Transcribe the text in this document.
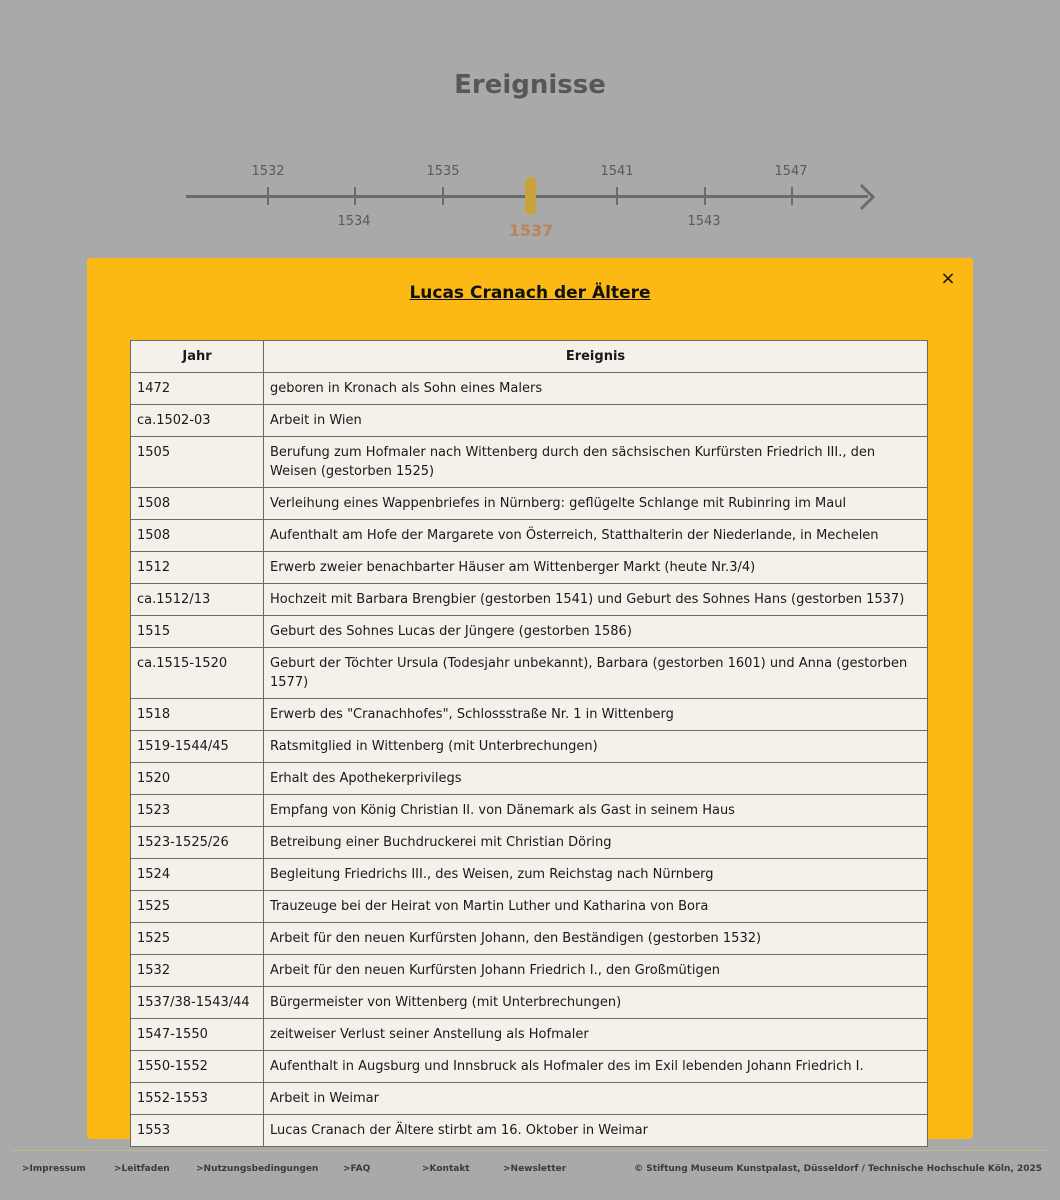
Ereignisse
1532	1535	1541	1547
1534	1543
1537
×
Lucas Cranach der Ältere
Jahr	Ereignis
1472	geboren in Kronach als Sohn eines Malers
ca.1502-03	Arbeit in Wien
1505	Berufung zum Hofmaler nach Wittenberg durch den sächsischen Kurfürsten Friedrich III., den Weisen (gestorben 1525)
1508	Verleihung eines Wappenbriefes in Nürnberg: geflügelte Schlange mit Rubinring im Maul
1508	Aufenthalt am Hofe der Margarete von Österreich, Statthalterin der Niederlande, in Mechelen
1512	Erwerb zweier benachbarter Häuser am Wittenberger Markt (heute Nr.3/4)
ca.1512/13	Hochzeit mit Barbara Brengbier (gestorben 1541) und Geburt des Sohnes Hans (gestorben 1537)
1515	Geburt des Sohnes Lucas der Jüngere (gestorben 1586)
ca.1515-1520	Geburt der Töchter Ursula (Todesjahr unbekannt), Barbara (gestorben 1601) und Anna (gestorben 1577)
1518	Erwerb des "Cranachhofes", Schlossstraße Nr. 1 in Wittenberg
1519-1544/45	Ratsmitglied in Wittenberg (mit Unterbrechungen)
1520	Erhalt des Apothekerprivilegs
1523	Empfang von König Christian II. von Dänemark als Gast in seinem Haus
1523-1525/26	Betreibung einer Buchdruckerei mit Christian Döring
1524	Begleitung Friedrichs III., des Weisen, zum Reichstag nach Nürnberg
1525	Trauzeuge bei der Heirat von Martin Luther und Katharina von Bora
1525	Arbeit für den neuen Kurfürsten Johann, den Beständigen (gestorben 1532)
1532	Arbeit für den neuen Kurfürsten Johann Friedrich I., den Großmütigen
1537/38-1543/44	Bürgermeister von Wittenberg (mit Unterbrechungen)
1547-1550	zeitweiser Verlust seiner Anstellung als Hofmaler
1550-1552	Aufenthalt in Augsburg und Innsbruck als Hofmaler des im Exil lebenden Johann Friedrich I.
1552-1553	Arbeit in Weimar
1553	Lucas Cranach der Ältere stirbt am 16. Oktober in Weimar
>Impressum	>Leitfaden	>Nutzungsbedingungen	>FAQ	>Kontakt	>Newsletter	© Stiftung Museum Kunstpalast, Düsseldorf / Technische Hochschule Köln, 2025
